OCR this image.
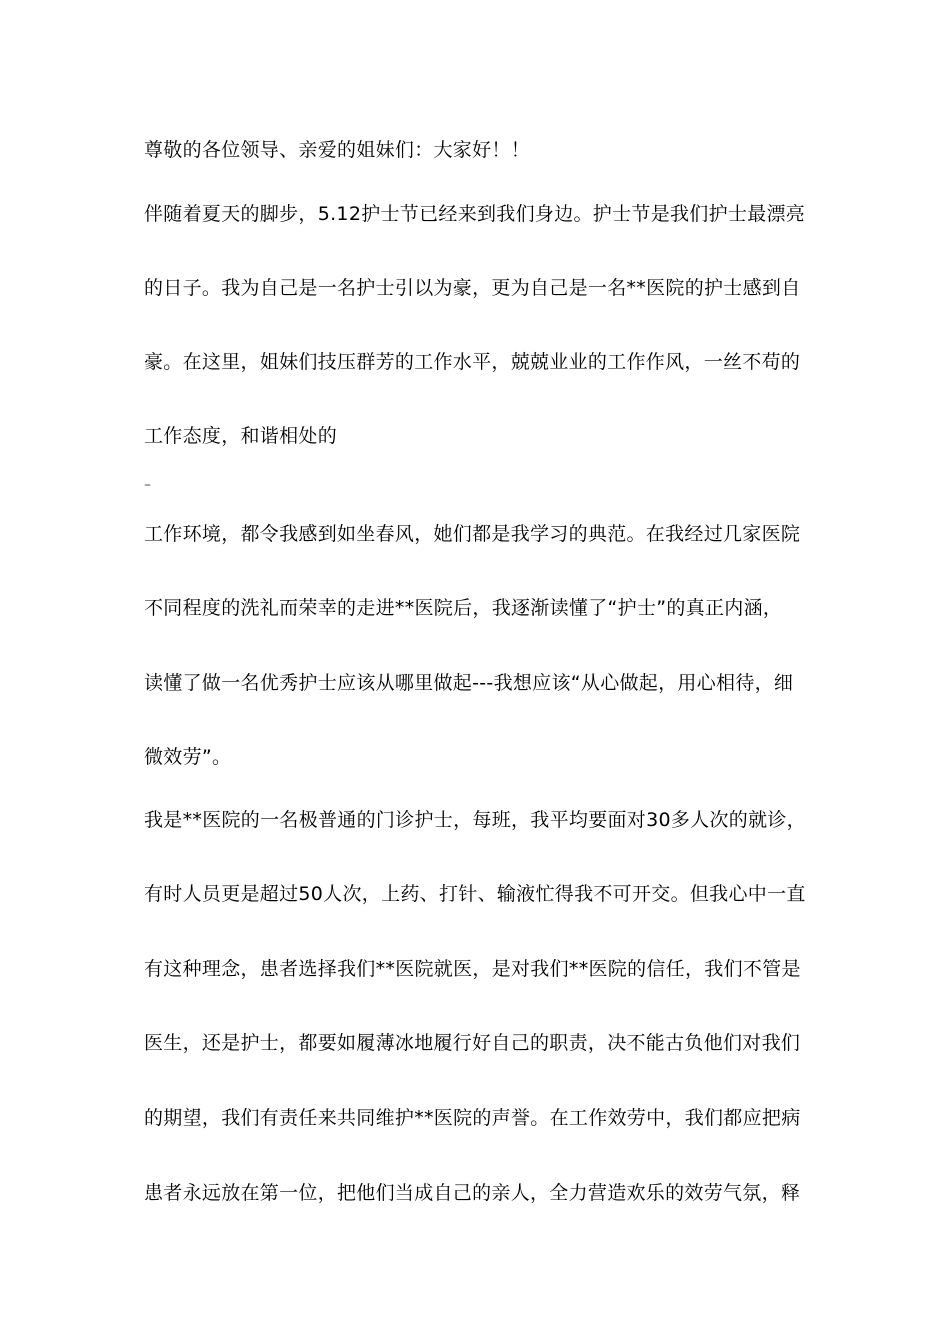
尊敬的各位领导、亲爱的姐妹们：大家好！！
伴随着夏天的脚步，5.12护士节已经来到我们身边。护士节是我们护士最漂亮
的日子。我为自己是一名护士引以为豪，更为自己是一名**医院的护士感到自
豪。在这里，姐妹们技压群芳的工作水平，兢兢业业的工作作风，一丝不苟的
工作态度，和谐相处的
–
工作环境，都令我感到如坐春风，她们都是我学习的典范。在我经过几家医院
不同程度的洗礼而荣幸的走进**医院后，我逐渐读懂了“护士”的真正内涵，
读懂了做一名优秀护士应该从哪里做起---我想应该“从心做起，用心相待，细
微效劳”。
我是**医院的一名极普通的门诊护士，每班，我平均要面对30多人次的就诊，
有时人员更是超过50人次，上药、打针、输液忙得我不可开交。但我心中一直
有这种理念，患者选择我们**医院就医，是对我们**医院的信任，我们不管是
医生，还是护士，都要如履薄冰地履行好自己的职责，决不能古负他们对我们
的期望，我们有责任来共同维护**医院的声誉。在工作效劳中，我们都应把病
患者永远放在第一位，把他们当成自己的亲人，全力营造欢乐的效劳气氛，释
